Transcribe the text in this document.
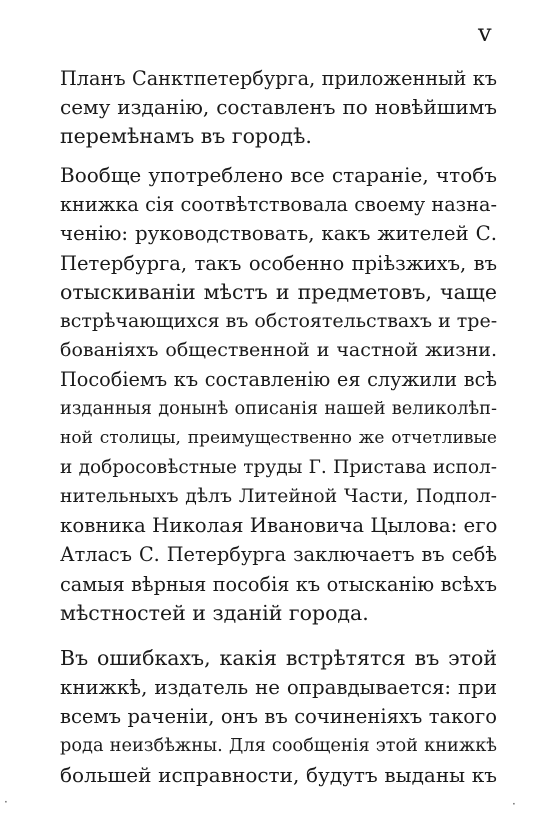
v
Планъ Санктпетербурга, приложенный къ
сему изданію, составленъ по новѣйшимъ
перемѣнамъ въ городѣ.
Вообще употреблено все стараніе, чтобъ
книжка сія соотвѣтствовала своему назна-
ченію: руководствовать, какъ жителей С.
Петербурга, такъ особенно пріѣзжихъ, въ
отыскиваніи мѣстъ и предметовъ, чаще
встрѣчающихся въ обстоятельствахъ и тре-
бованіяхъ общественной и частной жизни.
Пособіемъ къ составленію ея служили всѣ
изданныя донынѣ описанія нашей великолѣп-
ной столицы, преимущественно же отчетливые
и добросовѣстные труды Г. Пристава испол-
нительныхъ дѣлъ Литейной Части, Подпол-
ковника Николая Ивановича Цылова: его
Атласъ С. Петербурга заключаетъ въ себѣ
самыя вѣрныя пособія къ отысканію всѣхъ
мѣстностей и зданій города.
Въ ошибкахъ, какія встрѣтятся въ этой
книжкѣ, издатель не оправдывается: при
всемъ раченіи, онъ въ сочиненіяхъ такого
рода неизбѣжны. Для сообщенія этой книжкѣ
большей исправности, будутъ выданы къ
·	·
